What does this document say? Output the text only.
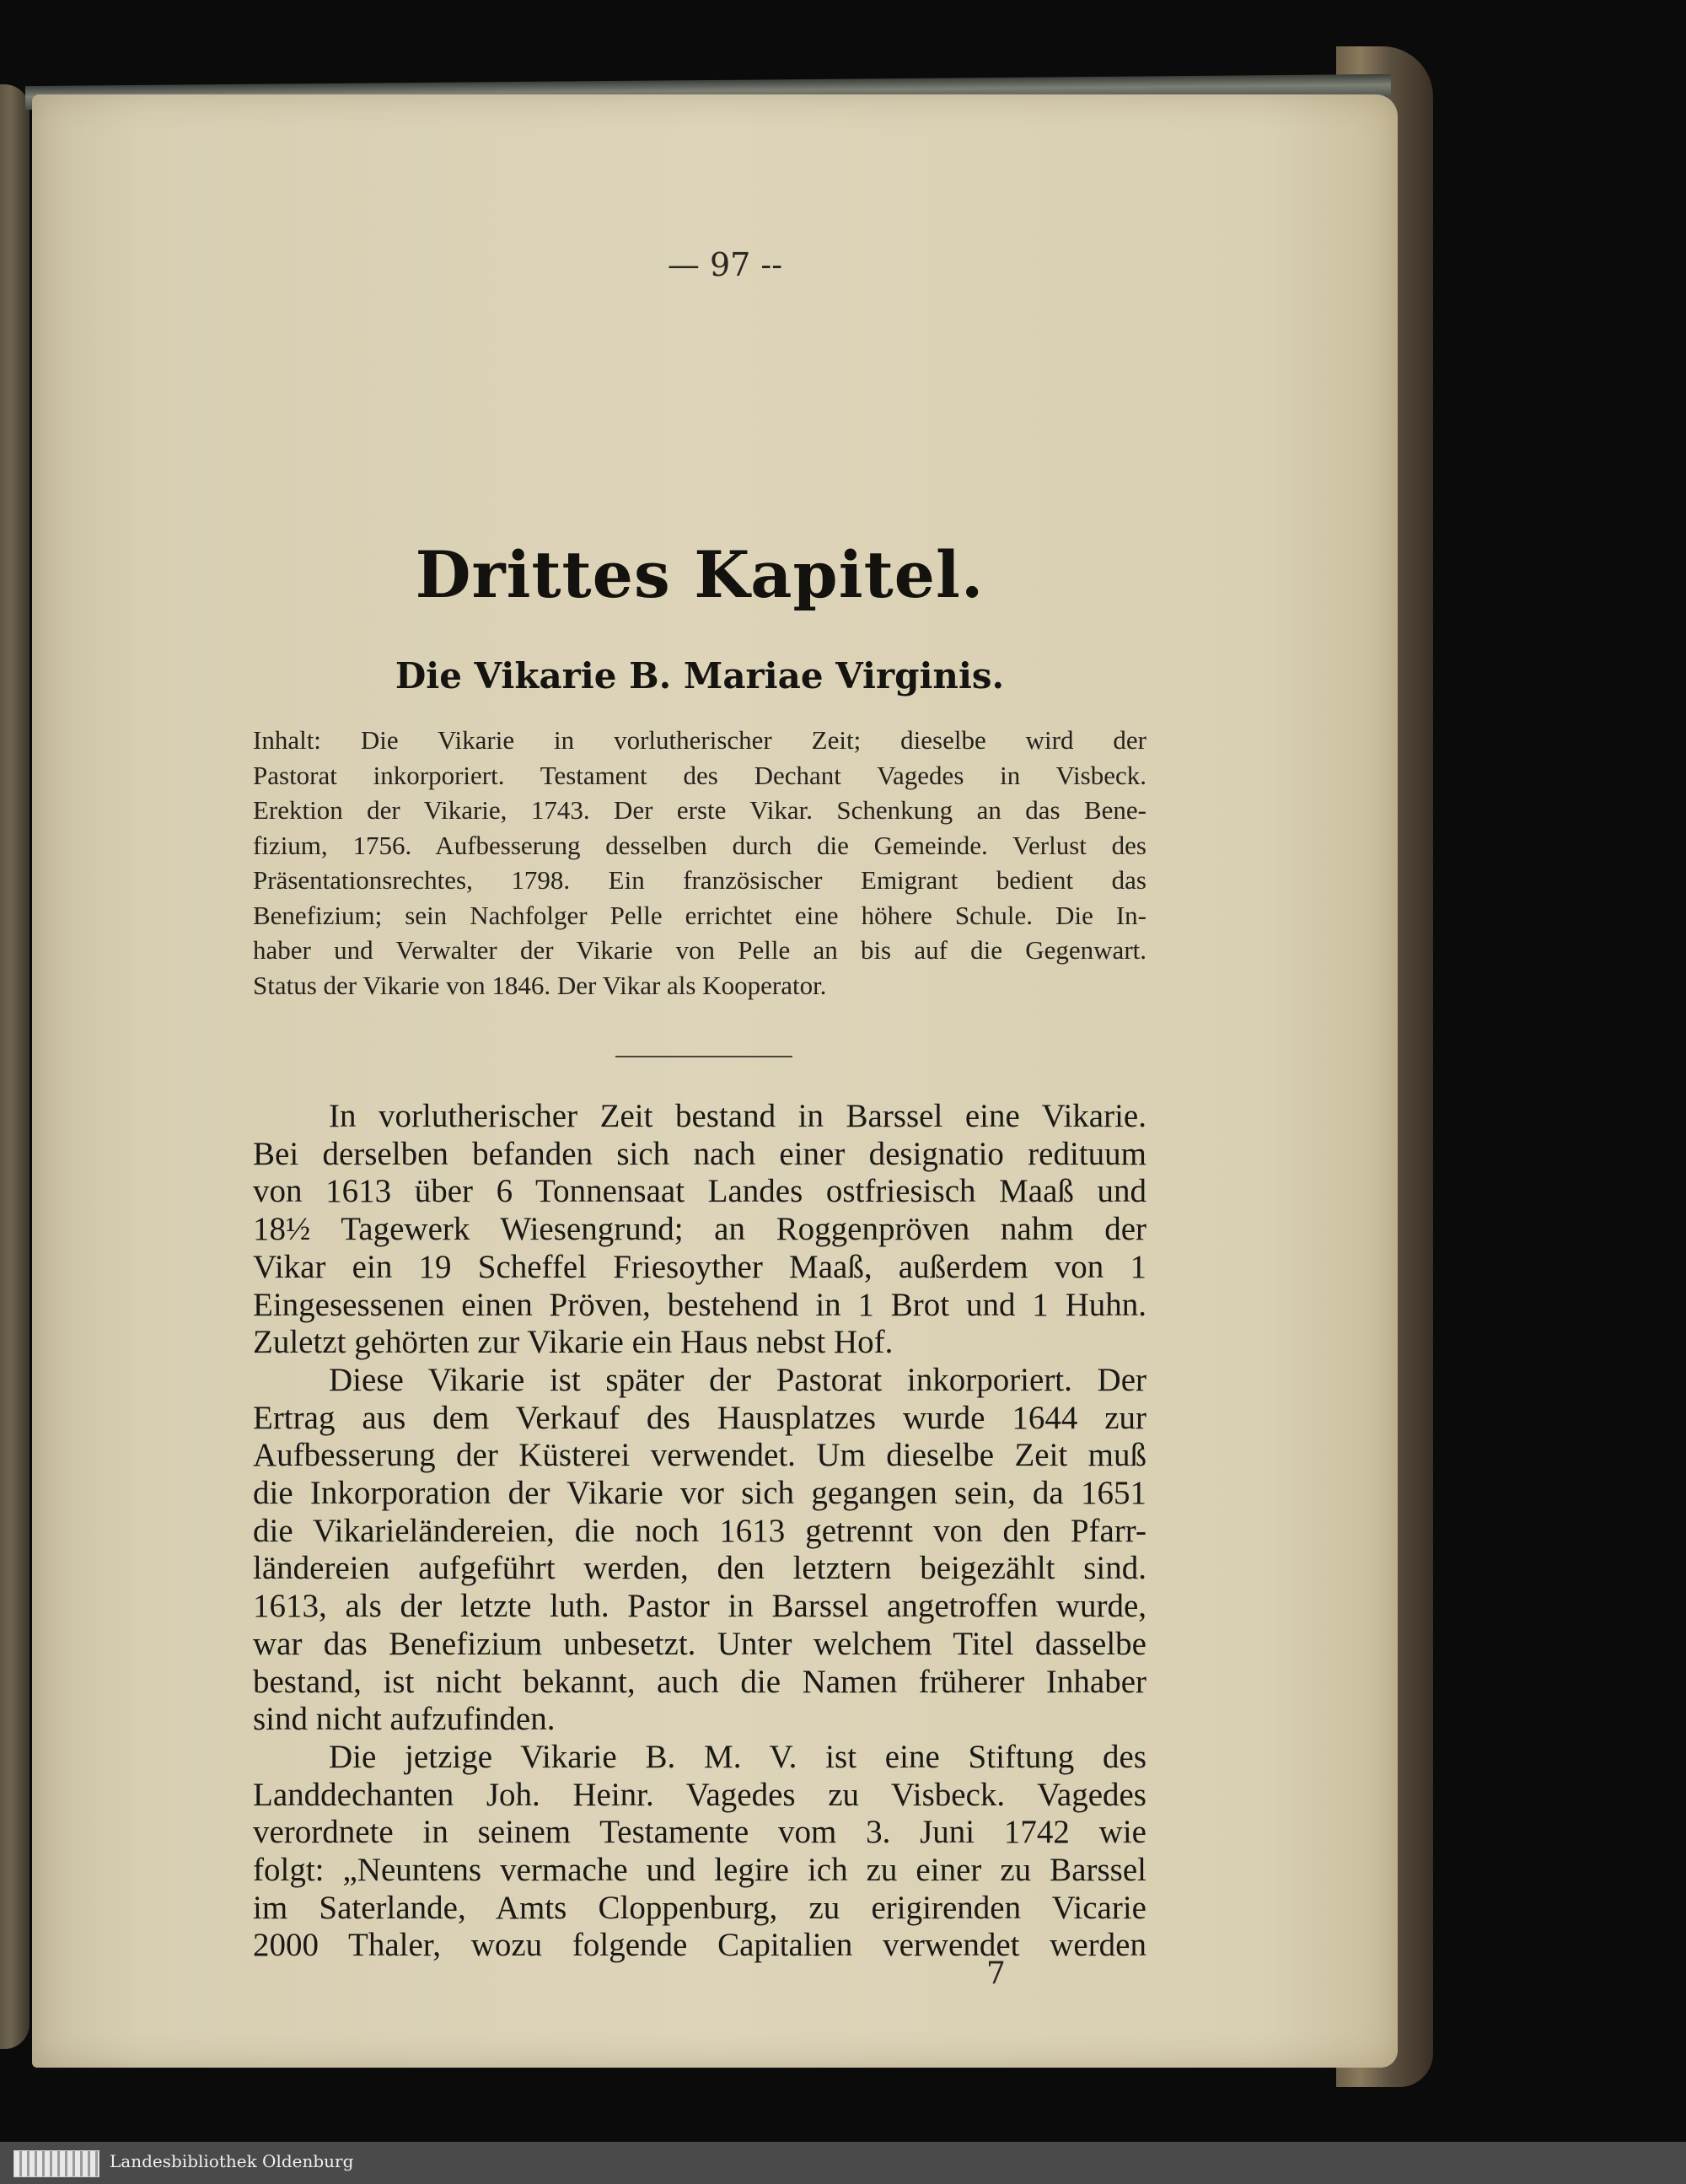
— 97 --
Drittes Kapitel.
Die Vikarie B. Mariae Virginis.
Inhalt: Die Vikarie in vorlutherischer Zeit; dieselbe wird der
Pastorat inkorporiert. Testament des Dechant Vagedes in Visbeck.
Erektion der Vikarie, 1743. Der erste Vikar. Schenkung an das Bene-
fizium, 1756. Aufbesserung desselben durch die Gemeinde. Verlust des
Präsentationsrechtes, 1798. Ein französischer Emigrant bedient das
Benefizium; sein Nachfolger Pelle errichtet eine höhere Schule. Die In-
haber und Verwalter der Vikarie von Pelle an bis auf die Gegenwart.
Status der Vikarie von 1846. Der Vikar als Kooperator.
In vorlutherischer Zeit bestand in Barssel eine Vikarie.
Bei derselben befanden sich nach einer designatio redituum
von 1613 über 6 Tonnensaat Landes ostfriesisch Maaß und
18½ Tagewerk Wiesengrund; an Roggenpröven nahm der
Vikar ein 19 Scheffel Friesoyther Maaß, außerdem von 1
Eingesessenen einen Pröven, bestehend in 1 Brot und 1 Huhn.
Zuletzt gehörten zur Vikarie ein Haus nebst Hof.
Diese Vikarie ist später der Pastorat inkorporiert. Der
Ertrag aus dem Verkauf des Hausplatzes wurde 1644 zur
Aufbesserung der Küsterei verwendet. Um dieselbe Zeit muß
die Inkorporation der Vikarie vor sich gegangen sein, da 1651
die Vikarieländereien, die noch 1613 getrennt von den Pfarr-
ländereien aufgeführt werden, den letztern beigezählt sind.
1613, als der letzte luth. Pastor in Barssel angetroffen wurde,
war das Benefizium unbesetzt. Unter welchem Titel dasselbe
bestand, ist nicht bekannt, auch die Namen früherer Inhaber
sind nicht aufzufinden.
Die jetzige Vikarie B. M. V. ist eine Stiftung des
Landdechanten Joh. Heinr. Vagedes zu Visbeck. Vagedes
verordnete in seinem Testamente vom 3. Juni 1742 wie
folgt: „Neuntens vermache und legire ich zu einer zu Barssel
im Saterlande, Amts Cloppenburg, zu erigirenden Vicarie
2000 Thaler, wozu folgende Capitalien verwendet werden
7
Landesbibliothek Oldenburg
